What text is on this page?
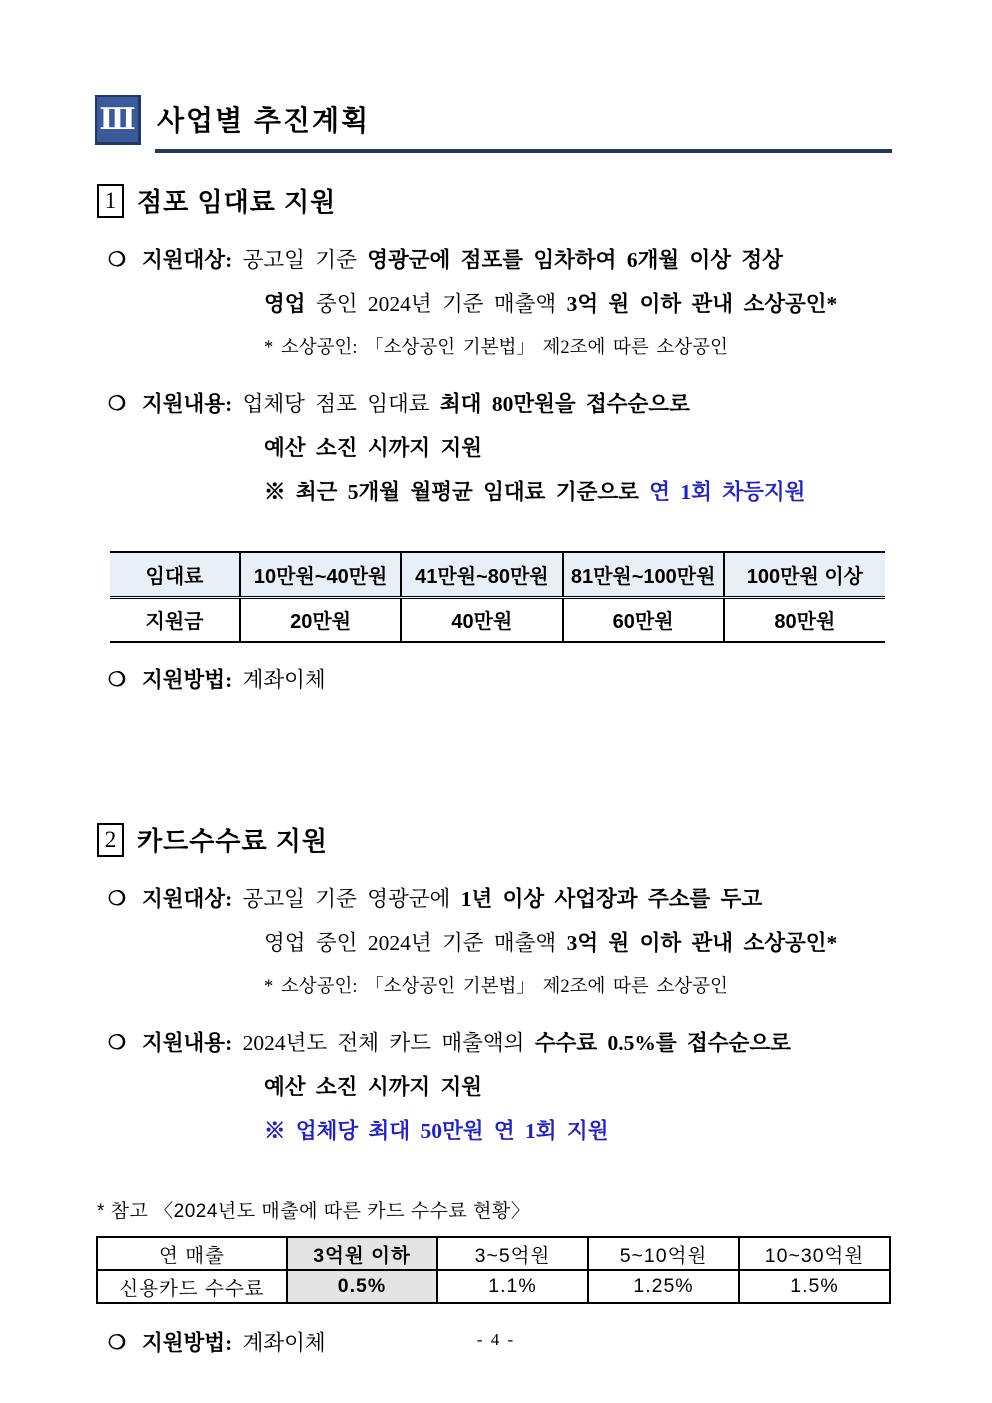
Ⅲ 사업별 추진계획
1 점포 임대료 지원
❍ 지원대상: 공고일 기준 영광군에 점포를 임차하여 6개월 이상 정상
영업 중인 2024년 기준 매출액 3억 원 이하 관내 소상공인*
* 소상공인: 「소상공인 기본법」 제2조에 따른 소상공인
❍ 지원내용: 업체당 점포 임대료 최대 80만원을 접수순으로
예산 소진 시까지 지원
※ 최근 5개월 월평균 임대료 기준으로 연 1회 차등지원
임대료	10만원~40만원	41만원~80만원	81만원~100만원	100만원 이상
지원금	20만원	40만원	60만원	80만원
❍ 지원방법: 계좌이체
2 카드수수료 지원
❍ 지원대상: 공고일 기준 영광군에 1년 이상 사업장과 주소를 두고
영업 중인 2024년 기준 매출액 3억 원 이하 관내 소상공인*
* 소상공인: 「소상공인 기본법」 제2조에 따른 소상공인
❍ 지원내용: 2024년도 전체 카드 매출액의 수수료 0.5%를 접수순으로
예산 소진 시까지 지원
※ 업체당 최대 50만원 연 1회 지원
* 참고 〈2024년도 매출에 따른 카드 수수료 현황〉
연 매출	3억원 이하	3~5억원	5~10억원	10~30억원
신용카드 수수료	0.5%	1.1%	1.25%	1.5%
❍ 지원방법: 계좌이체	- 4 -
